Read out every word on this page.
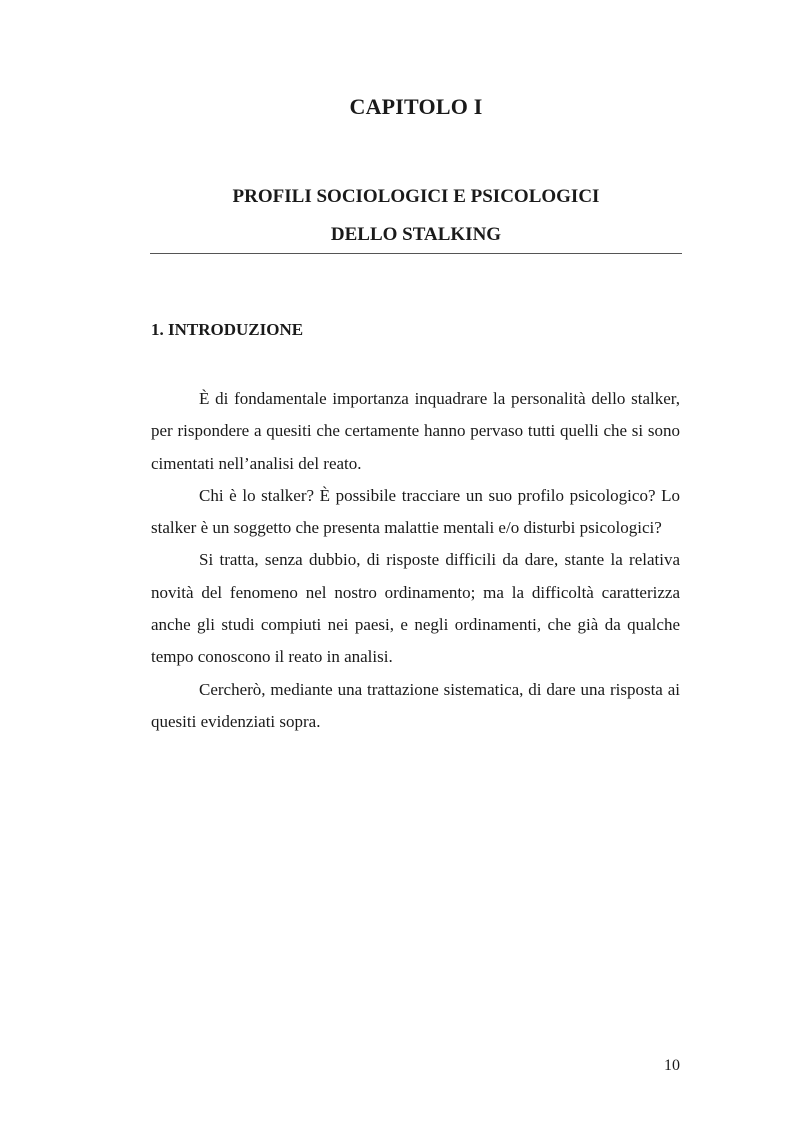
CAPITOLO I
PROFILI SOCIOLOGICI E PSICOLOGICI
DELLO STALKING
1. INTRODUZIONE

È di fondamentale importanza inquadrare la personalità dello stalker, per rispondere a quesiti che certamente hanno pervaso tutti quelli che si sono cimentati nell’analisi del reato.

Chi è lo stalker? È possibile tracciare un suo profilo psicologico? Lo stalker è un soggetto che presenta malattie mentali e/o disturbi psicologici?

Si tratta, senza dubbio, di risposte difficili da dare, stante la relativa novità del fenomeno nel nostro ordinamento; ma la difficoltà caratterizza anche gli studi compiuti nei paesi, e negli ordinamenti, che già da qualche tempo conoscono il reato in analisi.

Cercherò, mediante una trattazione sistematica, di dare una risposta ai quesiti evidenziati sopra.

10
